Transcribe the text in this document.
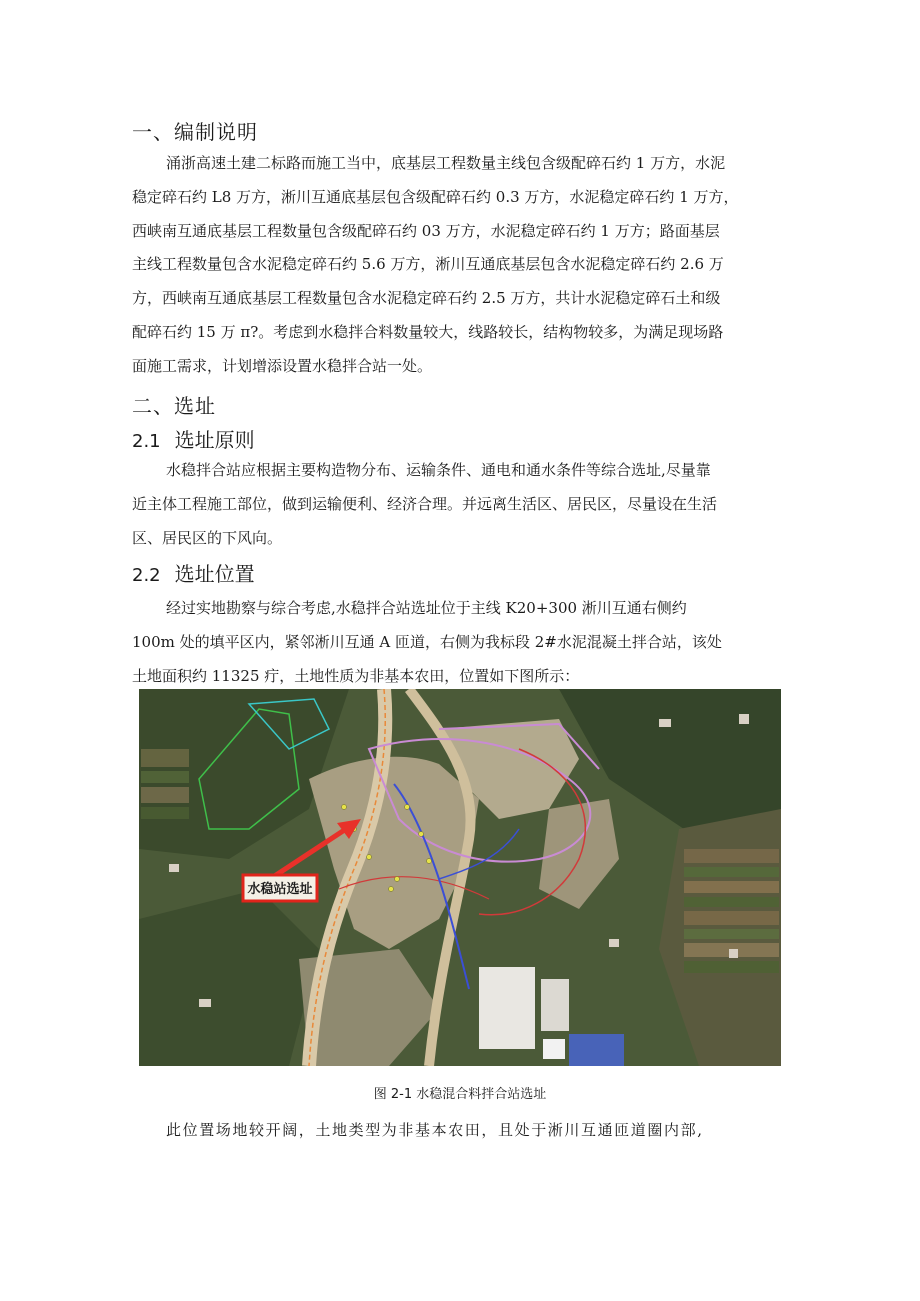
一、编制说明
涌浙高速土建二标路而施工当中，底基层工程数量主线包含级配碎石约 1 万方，水泥
稳定碎石约 L8 万方，淅川互通底基层包含级配碎石约 0.3 万方，水泥稳定碎石约 1 万方，
西峡南互通底基层工程数量包含级配碎石约 03 万方，水泥稳定碎石约 1 万方；路面基层
主线工程数量包含水泥稳定碎石约 5.6 万方，淅川互通底基层包含水泥稳定碎石约 2.6 万
方，西峡南互通底基层工程数量包含水泥稳定碎石约 2.5 万方，共计水泥稳定碎石土和级
配碎石约 15 万 π?。考虑到水稳拌合料数量较大，线路较长，结构物较多，为满足现场路
面施工需求，计划增添设置水稳拌合站一处。
二、选址
2.1 选址原则
水稳拌合站应根据主要构造物分布、运输条件、通电和通水条件等综合选址,尽量靠
近主体工程施工部位，做到运输便利、经济合理。并远离生活区、居民区，尽量设在生活
区、居民区的下风向。
2.2 选址位置
经过实地勘察与综合考虑,水稳拌合站选址位于主线 K20+300 淅川互通右侧约
100m 处的填平区内，紧邻淅川互通 A 匝道，右侧为我标段 2#水泥混凝土拌合站，该处
土地面积约 11325 疔，土地性质为非基本农田，位置如下图所示：
水稳站选址
图 2-1 水稳混合料拌合站选址
此位置场地较开阔，土地类型为非基本农田，且处于淅川互通匝道圈内部,
